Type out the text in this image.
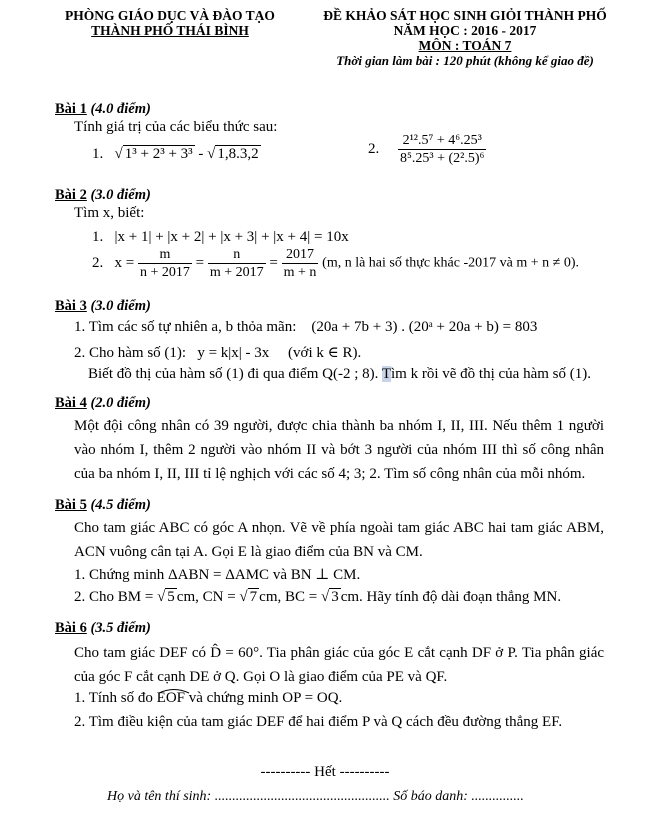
PHÒNG GIÁO DỤC VÀ ĐÀO TẠO
THÀNH PHỐ THÁI BÌNH
ĐỀ KHẢO SÁT HỌC SINH GIỎI THÀNH PHỐ
NĂM HỌC : 2016 - 2017
MÔN : TOÁN 7
Thời gian làm bài : 120 phút (không kể giao đề)
Bài 1 (4.0 điểm)
Tính giá trị của các biểu thức sau:
1.   √ 1³ + 2³ + 3³ - √ 1,8.3,2	2. $\frac{\text{2¹².5⁷ + 4⁶.25³}}{\text{8⁵.25³ + (2².5)⁶}}$
Bài 2 (3.0 điểm)
Tìm x, biết:
1. |x + 1| + |x + 2| + |x + 3| + |x + 4| = 10x
2. $x = \frac{m}{n + 2017} = \frac{n}{m + 2017} = \frac{2017}{m + n} (m$, n là hai số thực khác -2017 và m + n ≠ 0).
Bài 3 (3.0 điểm)
1. Tìm các số tự nhiên a, b thỏa mãn: (20a + 7b + 3) . (20ᵃ + 20a + b) = 803
2. Cho hàm số (1): y = k|x| - 3x (với k ∈ R).
Biết đồ thị của hàm số (1) đi qua điểm Q(-2 ; 8). Tìm k rồi vẽ đồ thị của hàm số (1).
Bài 4 (2.0 điểm)
Một đội công nhân có 39 người, được chia thành ba nhóm I, II, III. Nếu thêm 1 người vào nhóm I, thêm 2 người vào nhóm II và bớt 3 người của nhóm III thì số công nhân của ba nhóm I, II, III tỉ lệ nghịch với các số 4; 3; 2. Tìm số công nhân của mỗi nhóm.
Bài 5 (4.5 điểm)
Cho tam giác ABC có góc A nhọn. Vẽ về phía ngoài tam giác ABC hai tam giác ABM, ACN vuông cân tại A. Gọi E là giao điểm của BN và CM.
1. Chứng minh ΔABN = ΔAMC và BN ⊥ CM.
2. Cho BM = √ 5 cm, CN = √ 7 cm, BC = √ 3 cm. Hãy tính độ dài đoạn thẳng MN.
Bài 6 (3.5 điểm)
Cho tam giác DEF có D̂ = 60°. Tia phân giác của góc E cắt cạnh DF ở P. Tia phân giác của góc F cắt cạnh DE ở Q. Gọi O là giao điểm của PE và QF.
1. Tính số đo EOF và chứng minh OP = OQ.
2. Tìm điều kiện của tam giác DEF để hai điểm P và Q cách đều đường thẳng EF.
---------- Hết ----------
Họ và tên thí sinh: .................................................. Số báo danh: ...............
